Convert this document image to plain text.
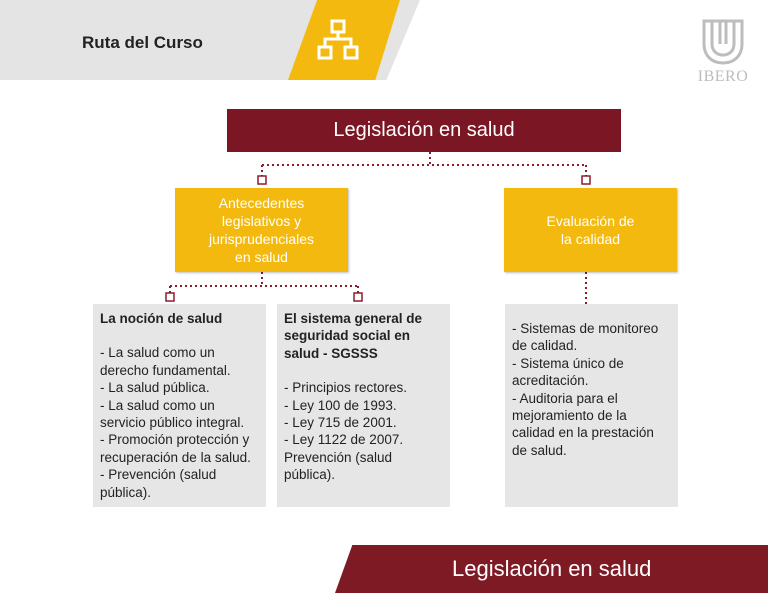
Ruta del Curso
IBERO
Legislación en salud
Antecedentes
legislativos y
jurisprudenciales
en salud
Evaluación de
la calidad
La noción de salud
- La salud como un
derecho fundamental.
- La salud pública.
- La salud como un
servicio público integral.
- Promoción protección y
recuperación de la salud.
- Prevención (salud
pública).
El sistema general de
seguridad social en
salud - SGSSS
- Principios rectores.
- Ley 100 de 1993.
- Ley 715 de 2001.
- Ley 1122 de 2007.
Prevención (salud
pública).
- Sistemas de monitoreo
de calidad.
- Sistema único de
acreditación.
- Auditoria para el
mejoramiento de la
calidad en la prestación
de salud.
Legislación en salud
